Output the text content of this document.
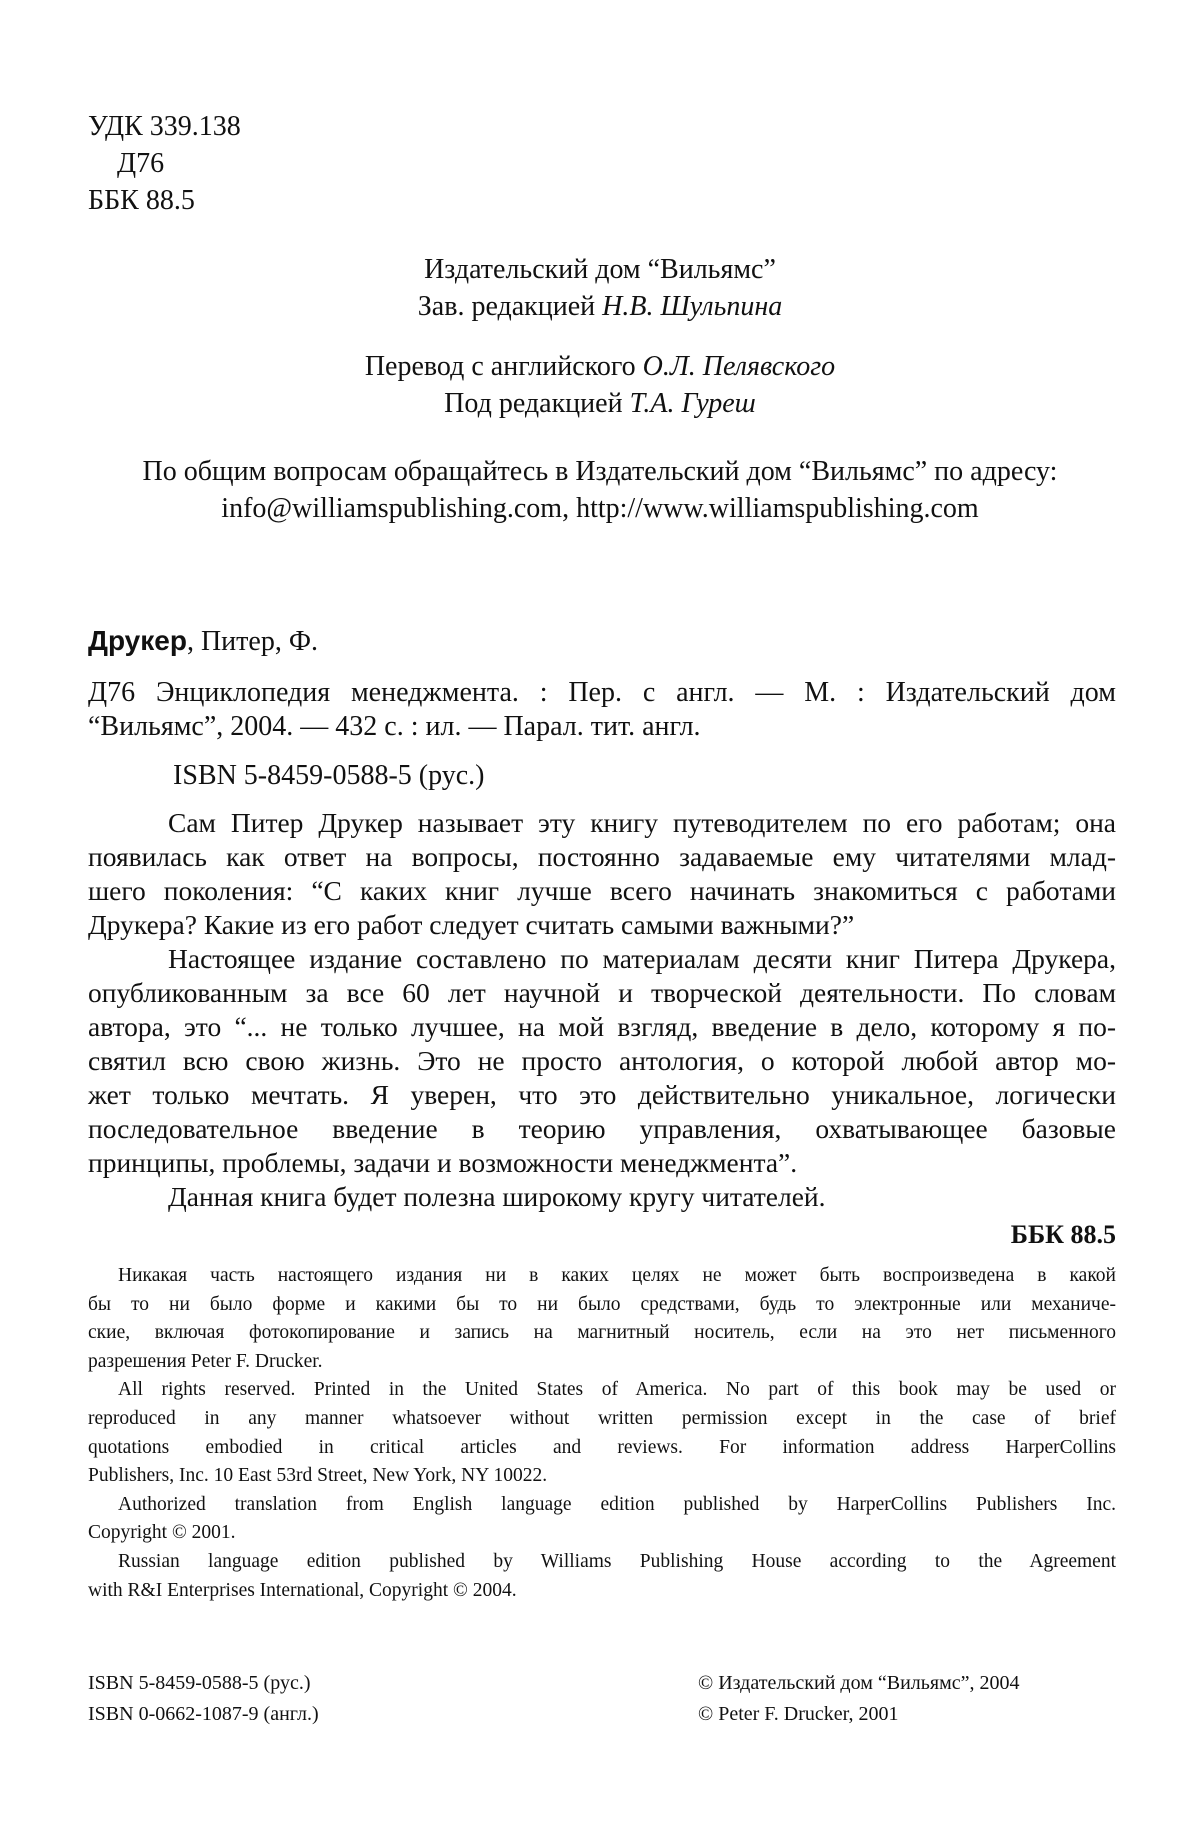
УДК 339.138
Д76
ББК 88.5
Издательский дом “Вильямс”
Зав. редакцией Н.В. Шульпина
Перевод с английского О.Л. Пелявского
Под редакцией Т.А. Гуреш
По общим вопросам обращайтесь в Издательский дом “Вильямс” по адресу:
info@williamspublishing.com, http://www.williamspublishing.com
Друкер, Питер, Ф.
Д76 Энциклопедия менеджмента. : Пер. с англ. — М. : Издательский дом
“Вильямс”, 2004. — 432 с. : ил. — Парал. тит. англ.
ISBN 5-8459-0588-5 (рус.)
Сам Питер Друкер называет эту книгу путеводителем по его работам; она
появилась как ответ на вопросы, постоянно задаваемые ему читателями млад-
шего поколения: “С каких книг лучше всего начинать знакомиться с работами
Друкера? Какие из его работ следует считать самыми важными?”
Настоящее издание составлено по материалам десяти книг Питера Друкера,
опубликованным за все 60 лет научной и творческой деятельности. По словам
автора, это “... не только лучшее, на мой взгляд, введение в дело, которому я по-
святил всю свою жизнь. Это не просто антология, о которой любой автор мо-
жет только мечтать. Я уверен, что это действительно уникальное, логически
последовательное введение в теорию управления, охватывающее базовые
принципы, проблемы, задачи и возможности менеджмента”.
Данная книга будет полезна широкому кругу читателей.
ББК 88.5
Никакая часть настоящего издания ни в каких целях не может быть воспроизведена в какой
бы то ни было форме и какими бы то ни было средствами, будь то электронные или механиче-
ские, включая фотокопирование и запись на магнитный носитель, если на это нет письменного
разрешения Peter F. Drucker.
All rights reserved. Printed in the United States of America. No part of this book may be used or
reproduced in any manner whatsoever without written permission except in the case of brief
quotations embodied in critical articles and reviews. For information address HarperCollins
Publishers, Inc. 10 East 53rd Street, New York, NY 10022.
Authorized translation from English language edition published by HarperCollins Publishers Inc.
Copyright © 2001.
Russian language edition published by Williams Publishing House according to the Agreement
with R&I Enterprises International, Copyright © 2004.
ISBN 5-8459-0588-5 (рус.)
ISBN 0-0662-1087-9 (англ.)
© Издательский дом “Вильямс”, 2004
© Peter F. Drucker, 2001
